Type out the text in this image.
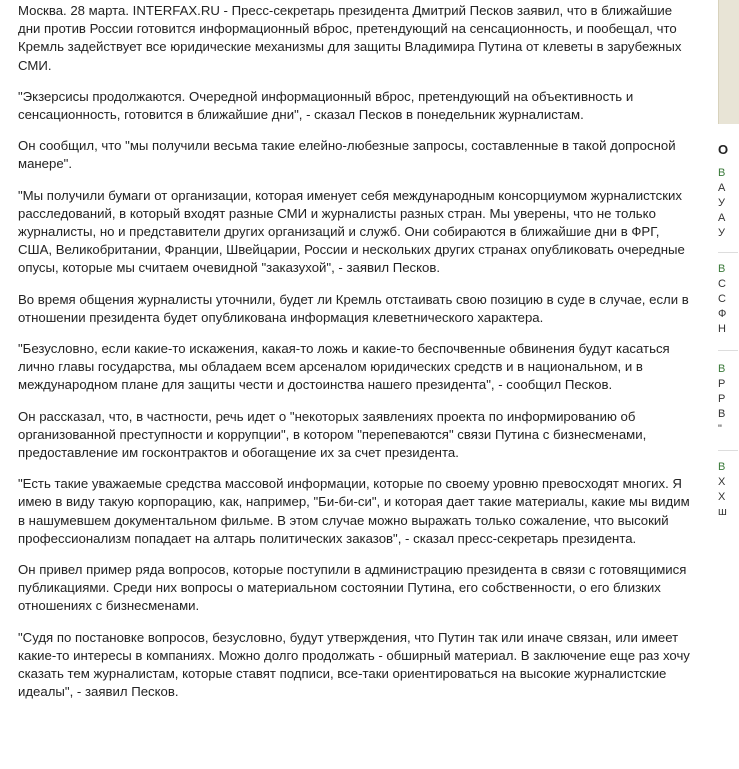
Москва. 28 марта. INTERFAX.RU - Пресс-секретарь президента Дмитрий Песков заявил, что в ближайшие дни против России готовится информационный вброс, претендующий на сенсационность, и пообещал, что Кремль задействует все юридические механизмы для защиты Владимира Путина от клеветы в зарубежных СМИ.

"Экзерсисы продолжаются. Очередной информационный вброс, претендующий на объективность и сенсационность, готовится в ближайшие дни", - сказал Песков в понедельник журналистам.

Он сообщил, что "мы получили весьма такие елейно-любезные запросы, составленные в такой допросной манере".

"Мы получили бумаги от организации, которая именует себя международным консорциумом журналистских расследований, в который входят разные СМИ и журналисты разных стран. Мы уверены, что не только журналисты, но и представители других организаций и служб. Они собираются в ближайшие дни в ФРГ, США, Великобритании, Франции, Швейцарии, России и нескольких других странах опубликовать очередные опусы, которые мы считаем очевидной "заказухой", - заявил Песков.

Во время общения журналисты уточнили, будет ли Кремль отстаивать свою позицию в суде в случае, если в отношении президента будет опубликована информация клеветнического характера.

"Безусловно, если какие-то искажения, какая-то ложь и какие-то беспочвенные обвинения будут касаться лично главы государства, мы обладаем всем арсеналом юридических средств и в национальном, и в международном плане для защиты чести и достоинства нашего президента", - сообщил Песков.

Он рассказал, что, в частности, речь идет о "некоторых заявлениях проекта по информированию об организованной преступности и коррупции", в котором "перепеваются" связи Путина с бизнесменами, предоставление им госконтрактов и обогащение их за счет президента.

"Есть такие уважаемые средства массовой информации, которые по своему уровню превосходят многих. Я имею в виду такую корпорацию, как, например, "Би-би-си", и которая дает такие материалы, какие мы видим в нашумевшем документальном фильме. В этом случае можно выражать только сожаление, что высокий профессионализм попадает на алтарь политических заказов", - сказал пресс-секретарь президента.

Он привел пример ряда вопросов, которые поступили в администрацию президента в связи с готовящимися публикациями. Среди них вопросы о материальном состоянии Путина, его собственности, о его близких отношениях с бизнесменами.

"Судя по постановке вопросов, безусловно, будут утверждения, что Путин так или иначе связан, или имеет какие-то интересы в компаниях. Можно долго продолжать - обширный материал. В заключение еще раз хочу сказать тем журналистам, которые ставят подписи, все-таки ориентироваться на высокие журналистские идеалы", - заявил Песков.

О
В
А
У
А
У
В
С
С
Ф
Н
В
Р
Р
В
"
В
Х
Х
ш
